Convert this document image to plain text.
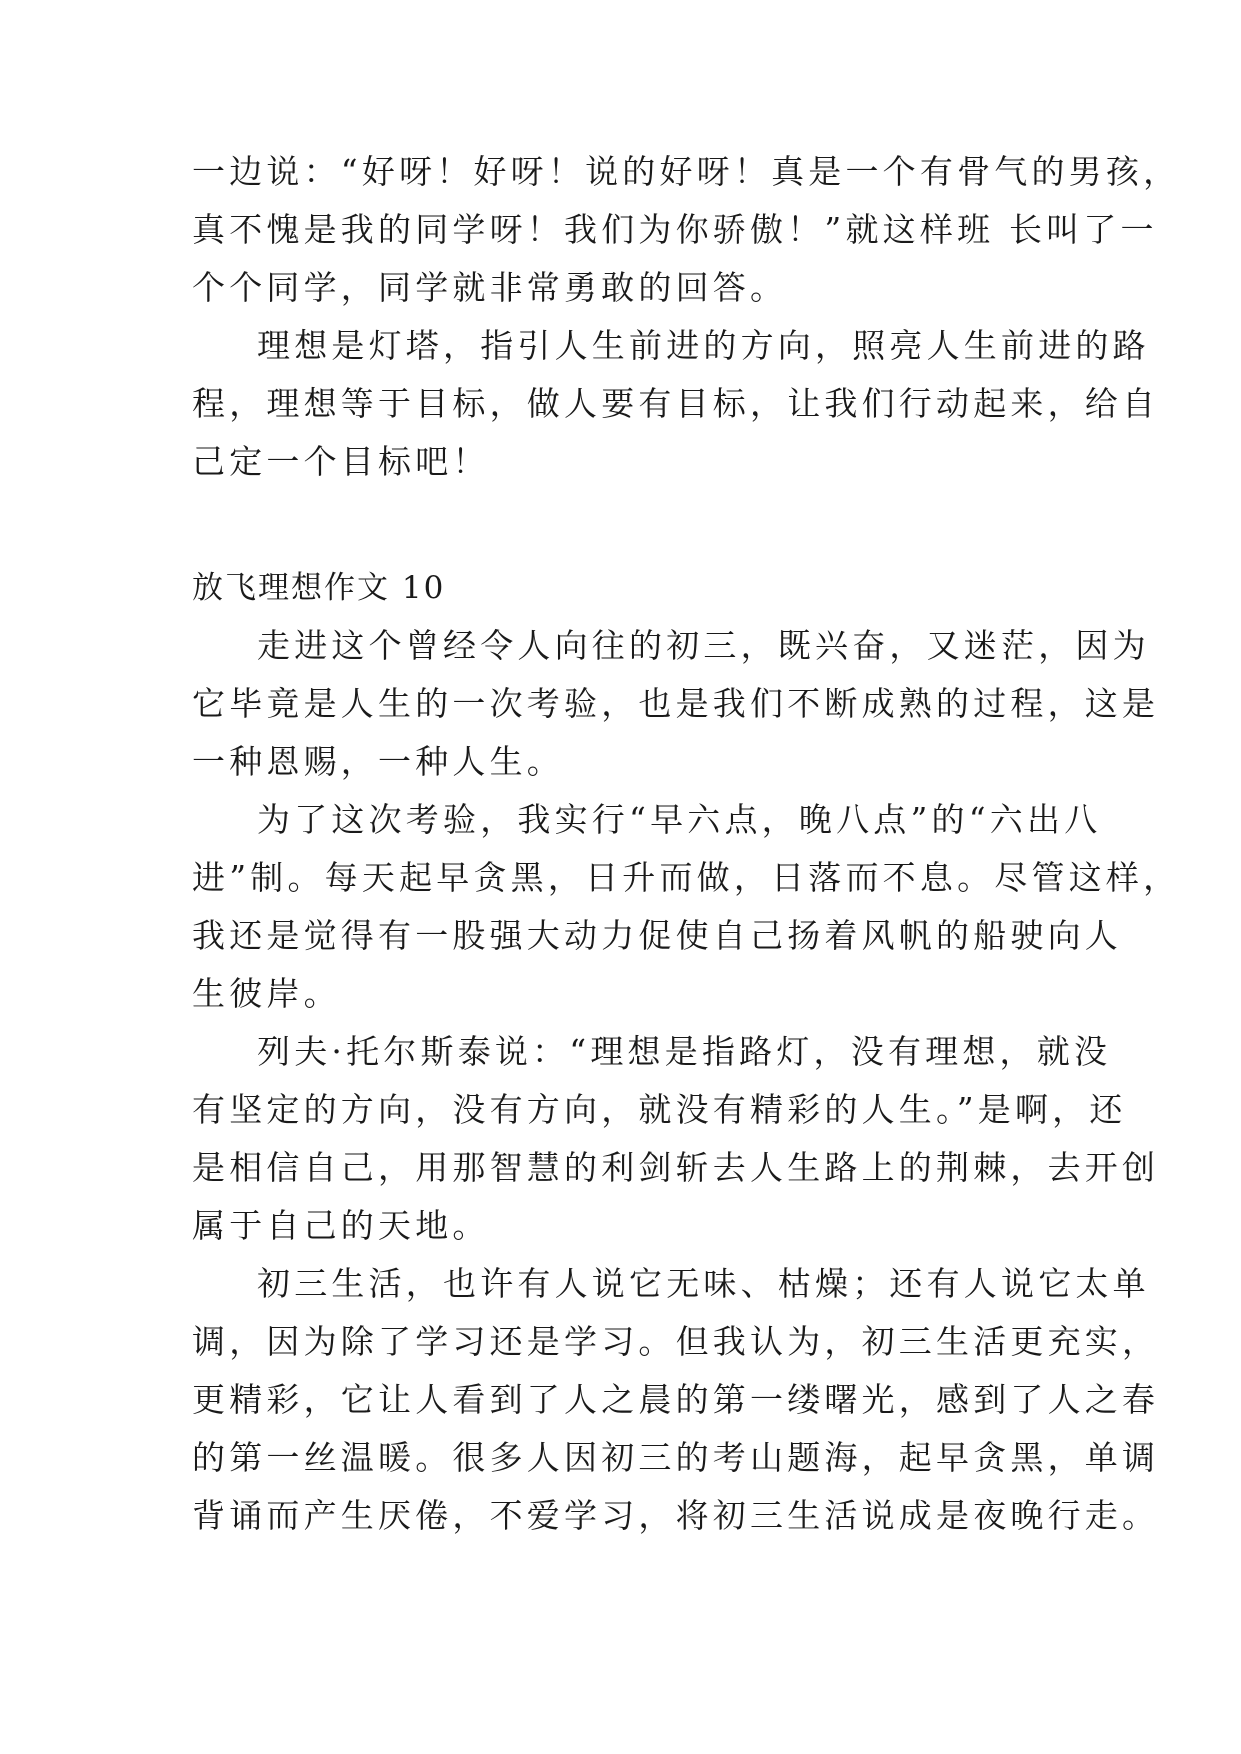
一边说：“好呀！好呀！说的好呀！真是一个有骨气的男孩，
真不愧是我的同学呀！我们为你骄傲！”就这样班 长叫了一
个个同学，同学就非常勇敢的回答。
理想是灯塔，指引人生前进的方向，照亮人生前进的路
程，理想等于目标，做人要有目标，让我们行动起来，给自
己定一个目标吧！
放飞理想作文 10
走进这个曾经令人向往的初三，既兴奋，又迷茫，因为
它毕竟是人生的一次考验，也是我们不断成熟的过程，这是
一种恩赐，一种人生。
为了这次考验，我实行“早六点，晚八点”的“六出八
进”制。每天起早贪黑，日升而做，日落而不息。尽管这样，
我还是觉得有一股强大动力促使自己扬着风帆的船驶向人
生彼岸。
列夫·托尔斯泰说：“理想是指路灯，没有理想，就没
有坚定的方向，没有方向，就没有精彩的人生。”是啊，还
是相信自己，用那智慧的利剑斩去人生路上的荆棘，去开创
属于自己的天地。
初三生活，也许有人说它无味、枯燥；还有人说它太单
调，因为除了学习还是学习。但我认为，初三生活更充实，
更精彩，它让人看到了人之晨的第一缕曙光，感到了人之春
的第一丝温暖。很多人因初三的考山题海，起早贪黑，单调
背诵而产生厌倦，不爱学习，将初三生活说成是夜晚行走。
